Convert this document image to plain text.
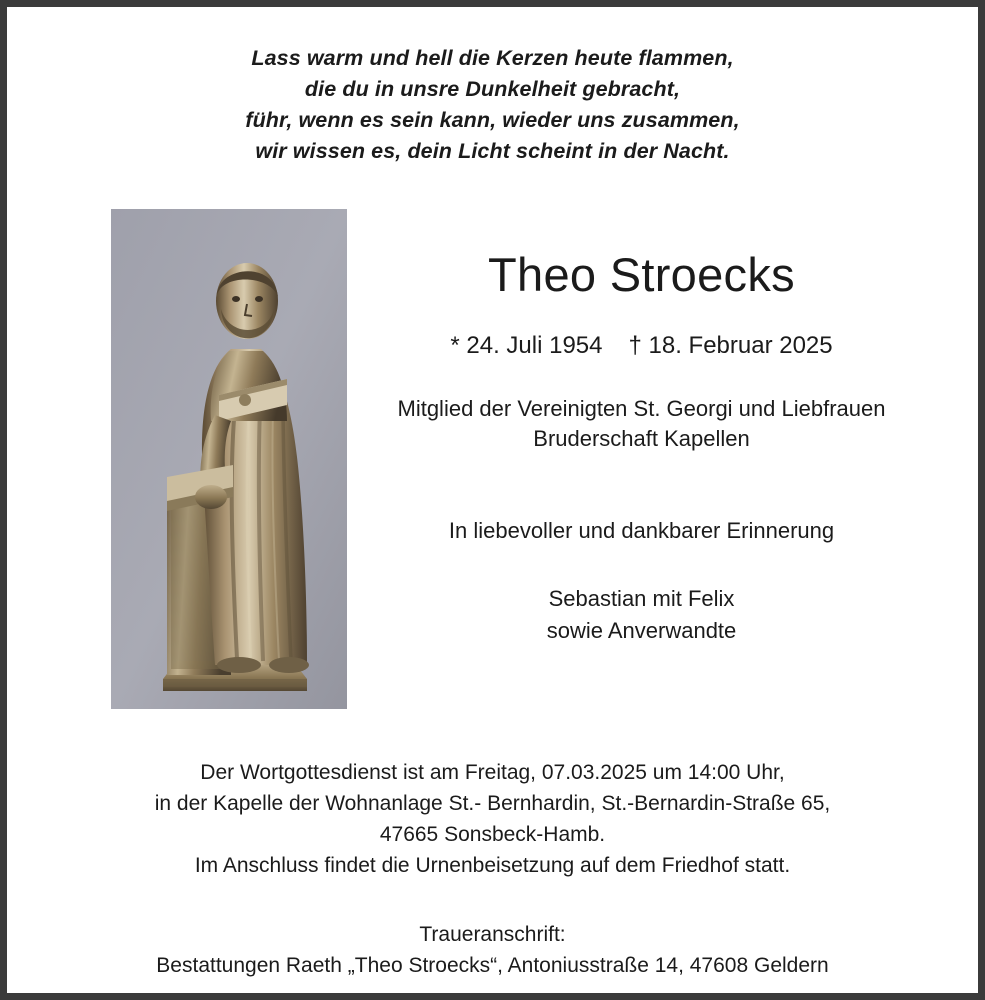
Lass warm und hell die Kerzen heute flammen,
die du in unsre Dunkelheit gebracht,
führ, wenn es sein kann, wieder uns zusammen,
wir wissen es, dein Licht scheint in der Nacht.
Theo Stroecks
* 24. Juli 1954 † 18. Februar 2025
Mitglied der Vereinigten St. Georgi und Liebfrauen
Bruderschaft Kapellen
In liebevoller und dankbarer Erinnerung
Sebastian mit Felix
sowie Anverwandte
Der Wortgottesdienst ist am Freitag, 07.03.2025 um 14:00 Uhr,
in der Kapelle der Wohnanlage St.- Bernhardin, St.-Bernardin-Straße 65,
47665 Sonsbeck-Hamb.
Im Anschluss findet die Urnenbeisetzung auf dem Friedhof statt.
Traueranschrift:
Bestattungen Raeth „Theo Stroecks“, Antoniusstraße 14, 47608 Geldern
